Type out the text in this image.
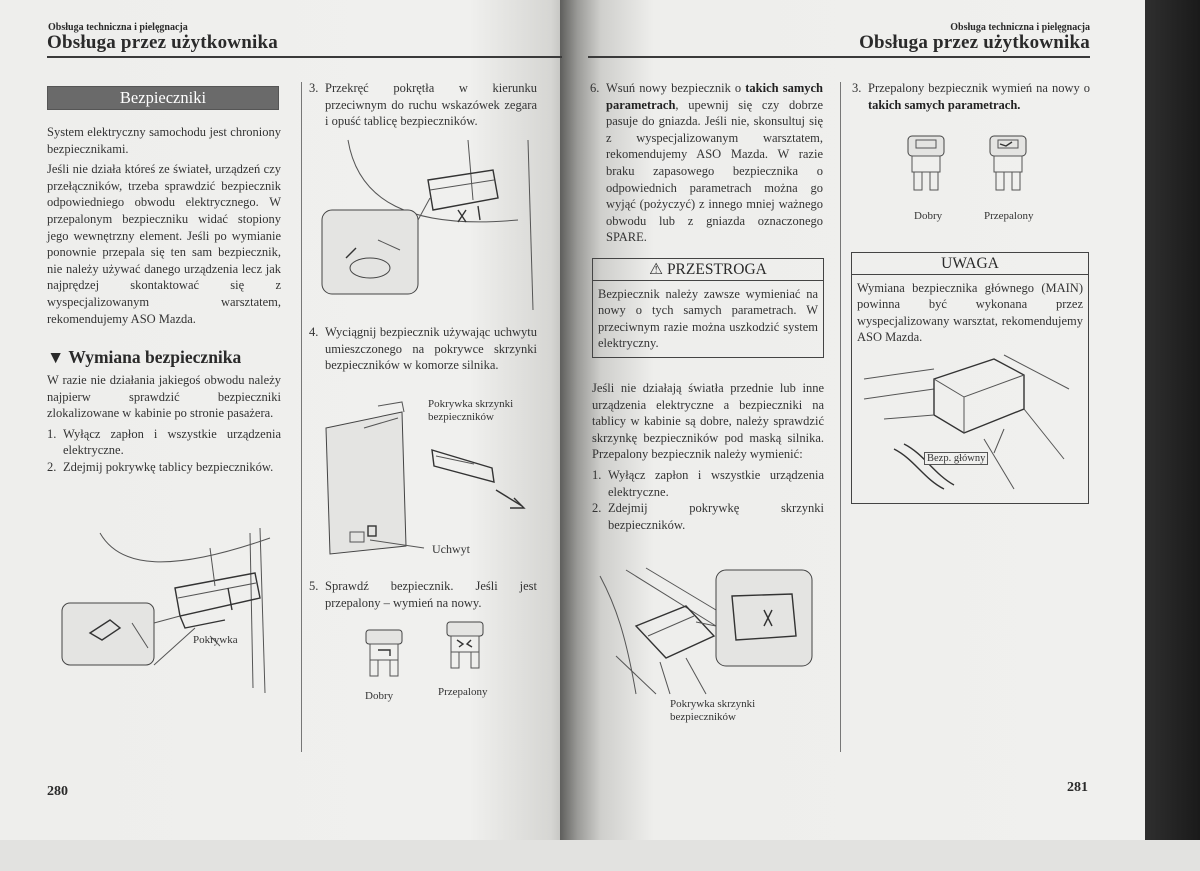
Obsługa techniczna i pielęgnacja
Obsługa przez użytkownika
Bezpieczniki

System elektryczny samochodu jest chroniony bezpiecznikami.

Jeśli nie działa któreś ze świateł, urządzeń czy przełączników, trzeba sprawdzić bezpiecznik odpowiedniego obwodu elektrycznego. W przepalonym bezpieczniku widać stopiony jego wewnętrzny element. Jeśli po wymianie ponownie przepala się ten sam bezpiecznik, nie należy używać danego urządzenia lecz jak najprędzej skontaktować się z wyspecjalizowanym warsztatem, rekomendujemy ASO Mazda.

▼ Wymiana bezpiecznika

W razie nie działania jakiegoś obwodu należy najpierw sprawdzić bezpieczniki zlokalizowane w kabinie po stronie pasażera.

1. Wyłącz zapłon i wszystkie urządzenia elektryczne.
2. Zdejmij pokrywkę tablicy bezpieczników.
Pokrywka
3. Przekręć pokrętła w kierunku przeciwnym do ruchu wskazówek zegara i opuść tablicę bezpieczników.
4. Wyciągnij bezpiecznik używając uchwytu umieszczonego na pokrywce skrzynki bezpieczników w komorze silnika.
Pokrywka skrzynki bezpieczników
Uchwyt
5. Sprawdź bezpiecznik. Jeśli jest przepalony – wymień na nowy.
Dobry	Przepalony
280
Obsługa techniczna i pielęgnacja
Obsługa przez użytkownika
6. Wsuń nowy bezpiecznik o takich samych parametrach, upewnij się czy dobrze pasuje do gniazda. Jeśli nie, skonsultuj się z wyspecjalizowanym warsztatem, rekomendujemy ASO Mazda. W razie braku zapasowego bezpiecznika o odpowiednich parametrach można go wyjąć (pożyczyć) z innego mniej ważnego obwodu lub z gniazda oznaczonego SPARE.
⚠ PRZESTROGA
Bezpiecznik należy zawsze wymieniać na nowy o tych samych parametrach. W przeciwnym razie można uszkodzić system elektryczny.

Jeśli nie działają światła przednie lub inne urządzenia elektryczne a bezpieczniki na tablicy w kabinie są dobre, należy sprawdzić skrzynkę bezpieczników pod maską silnika. Przepalony bezpiecznik należy wymienić:

1. Wyłącz zapłon i wszystkie urządzenia elektryczne.
2. Zdejmij pokrywkę skrzynki bezpieczników.
Pokrywka skrzynki bezpieczników
3. Przepalony bezpiecznik wymień na nowy o takich samych parametrach.
Dobry	Przepalony
UWAGA
Wymiana bezpiecznika głównego (MAIN) powinna być wykonana przez wyspecjalizowany warsztat, rekomendujemy ASO Mazda.
Bezp. główny
281
